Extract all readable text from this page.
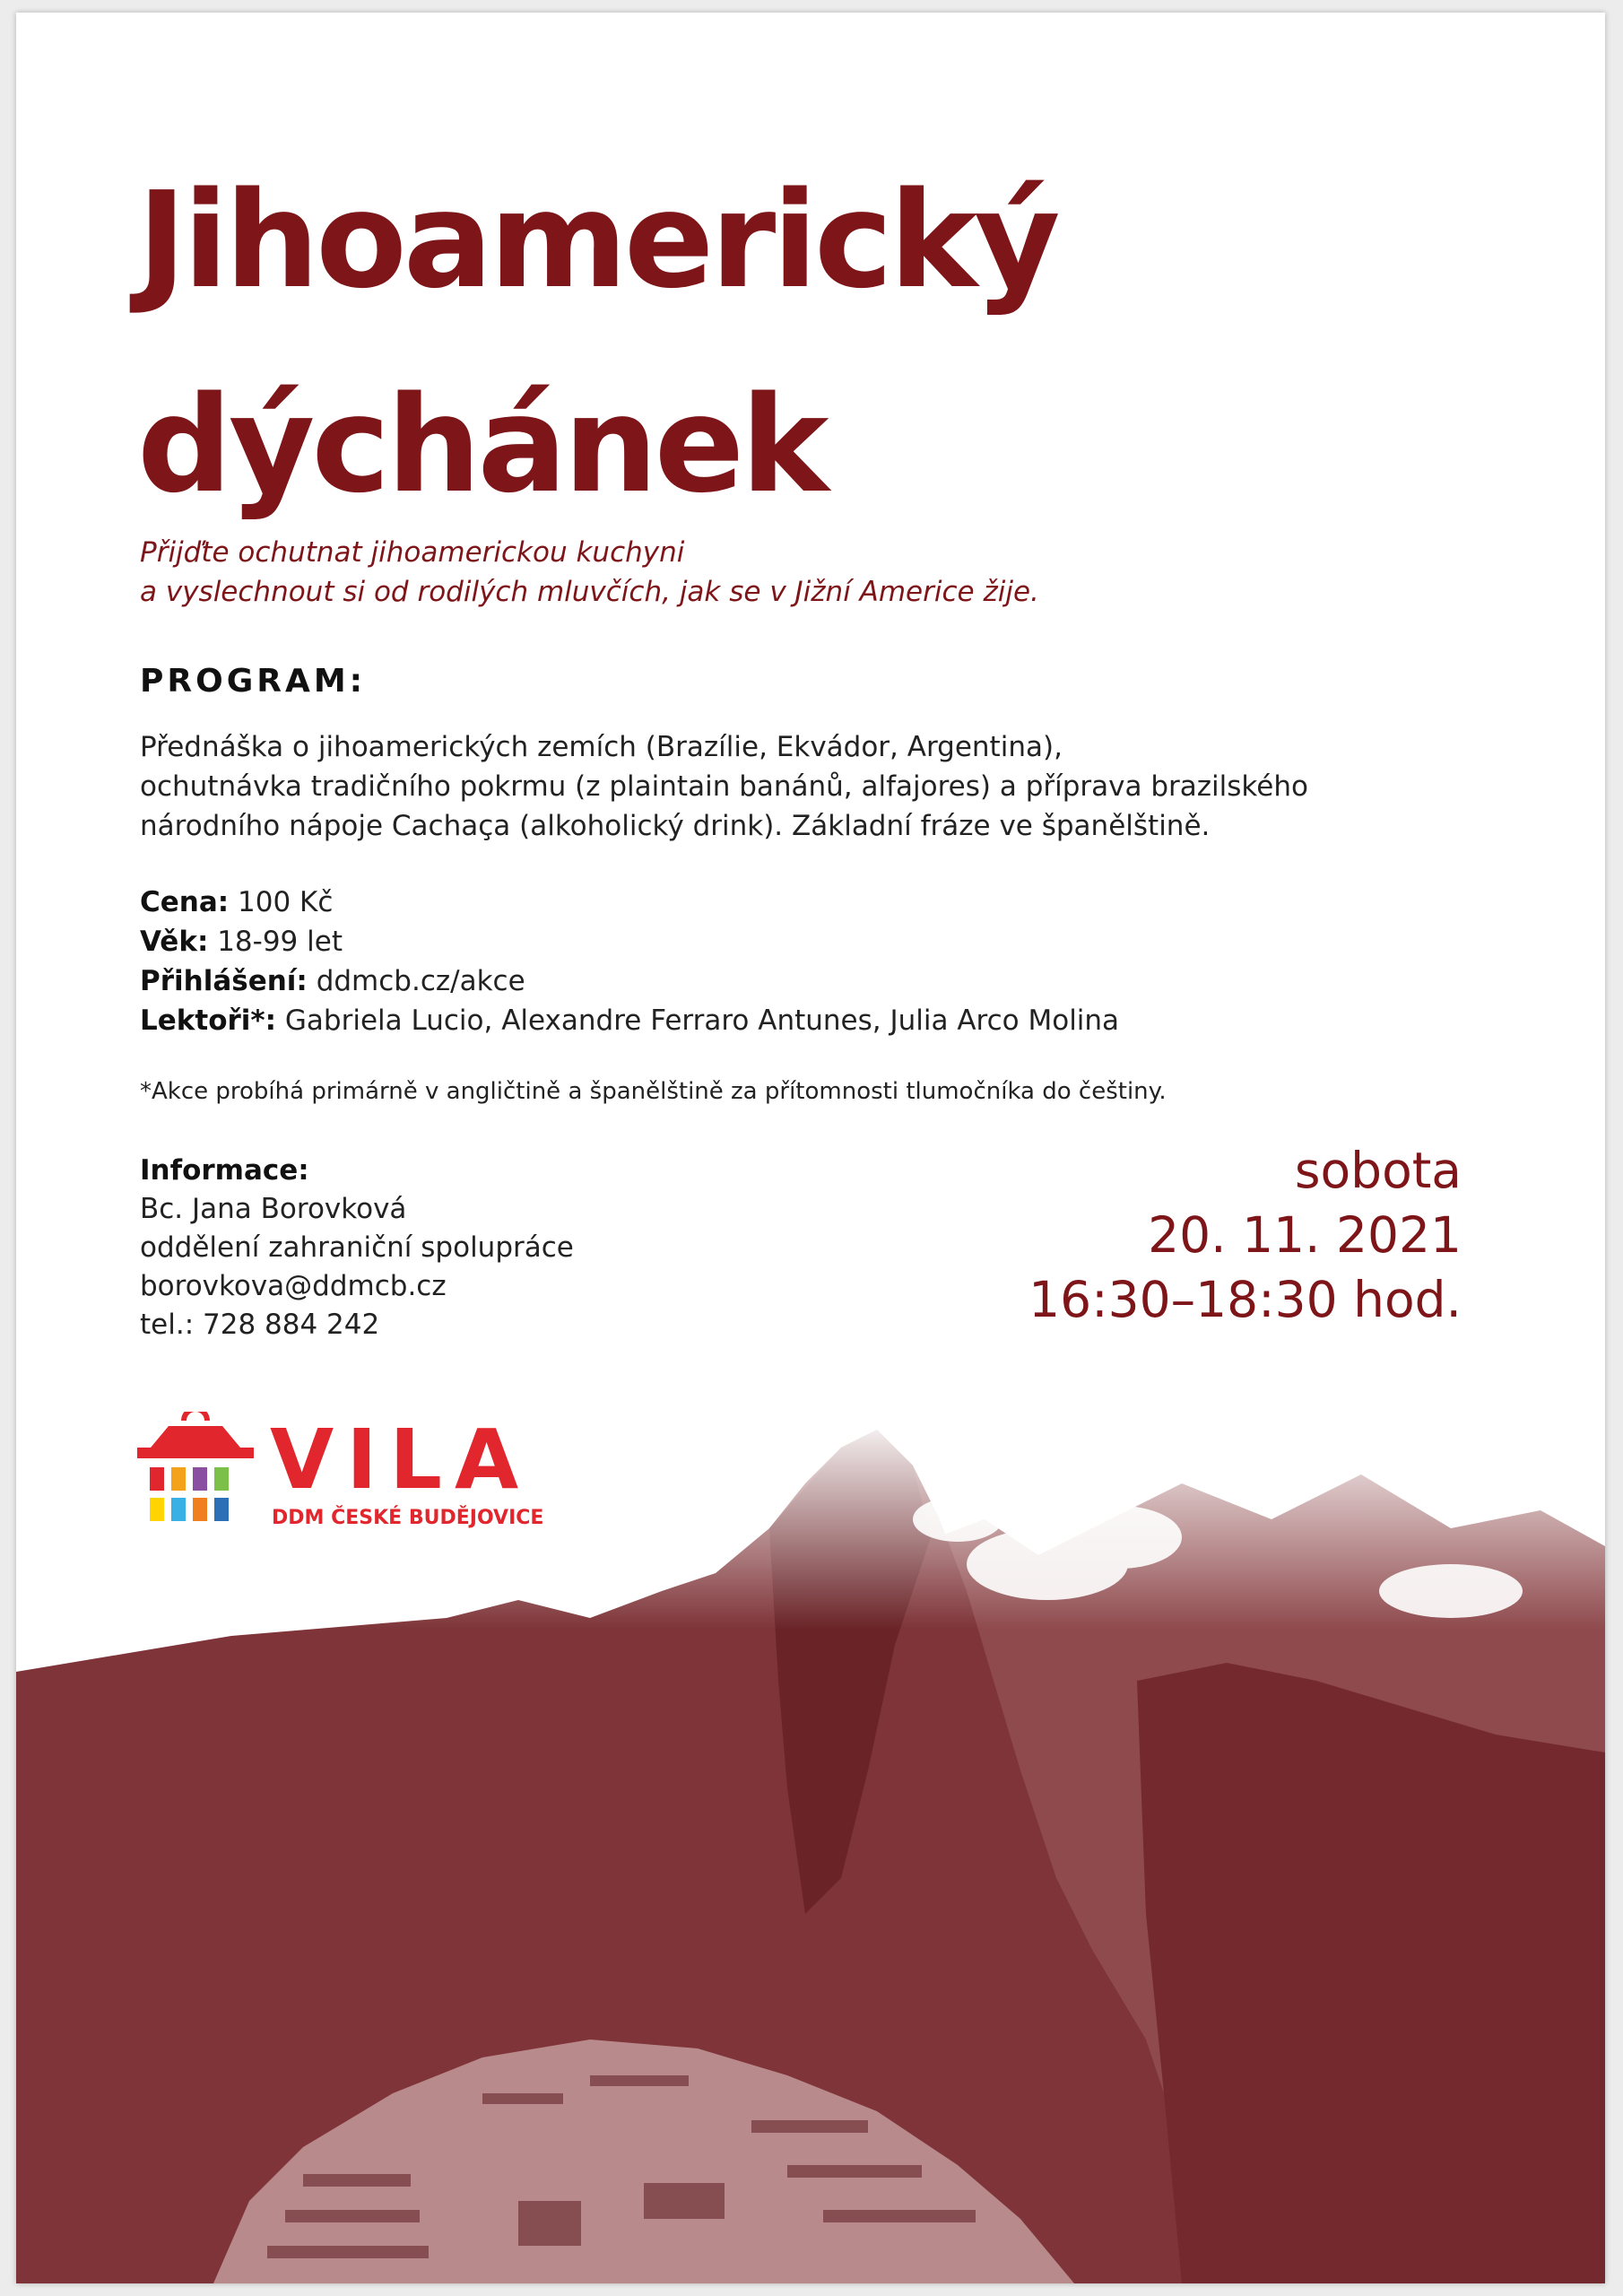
Jihoamerický
dýchánek
Přijďte ochutnat jihoamerickou kuchyni
a vyslechnout si od rodilých mluvčích, jak se v Jižní Americe žije.
PROGRAM:
Přednáška o jihoamerických zemích (Brazílie, Ekvádor, Argentina),
ochutnávka tradičního pokrmu (z plaintain banánů, alfajores) a příprava brazilského
národního nápoje Cachaça (alkoholický drink). Základní fráze ve španělštině.
Cena: 100 Kč
Věk: 18-99 let
Přihlášení: ddmcb.cz/akce
Lektoři*: Gabriela Lucio, Alexandre Ferraro Antunes, Julia Arco Molina
*Akce probíhá primárně v angličtině a španělštině za přítomnosti tlumočníka do češtiny.
Informace:
Bc. Jana Borovková
oddělení zahraniční spolupráce
borovkova@ddmcb.cz
tel.: 728 884 242
sobota
20. 11. 2021
16:30–18:30 hod.
VILA
DDM ČESKÉ BUDĚJOVICE
